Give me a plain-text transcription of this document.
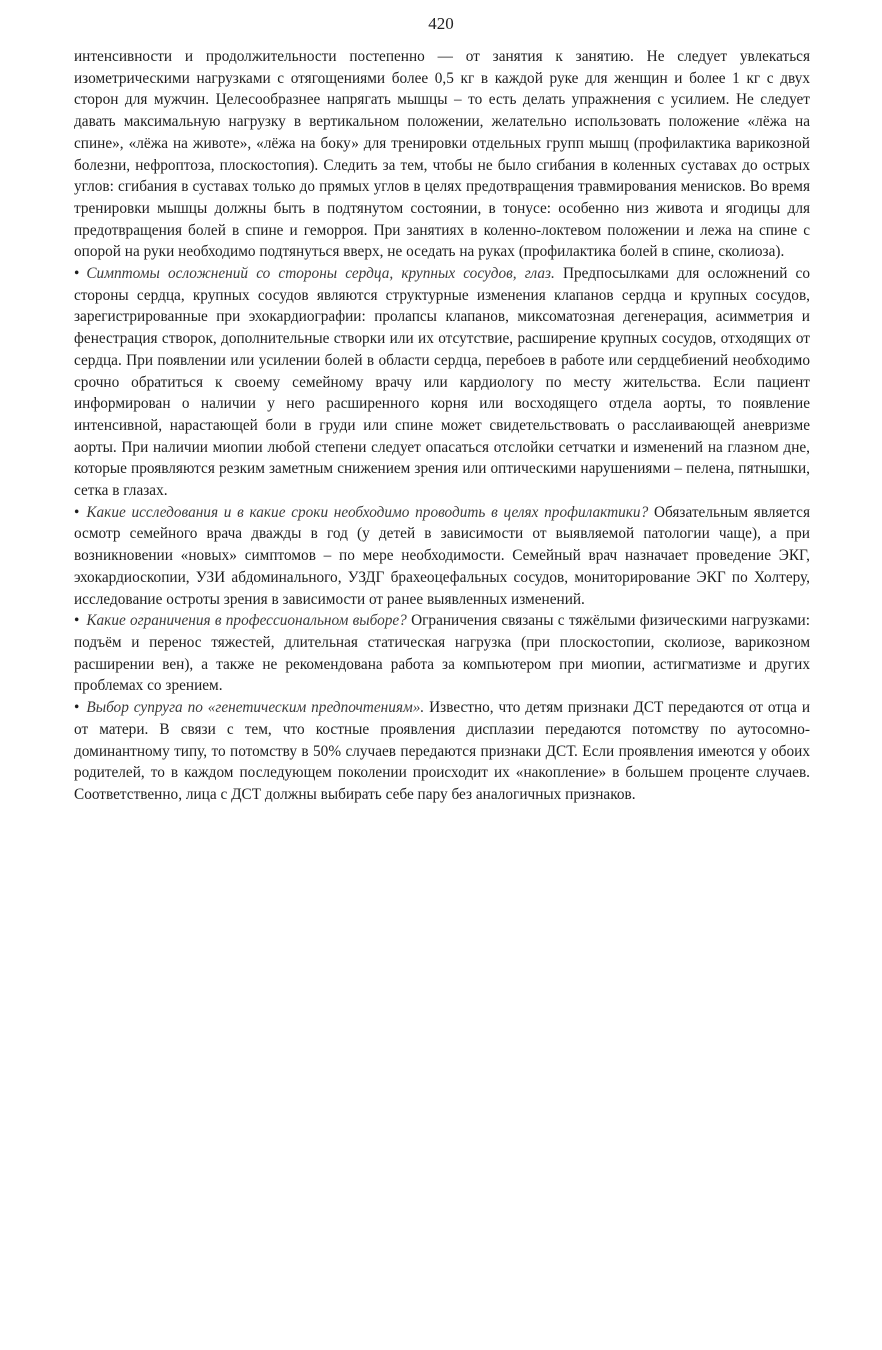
420

интенсивности и продолжительности постепенно — от занятия к занятию. Не следует увлекаться изометрическими нагрузками с отягощениями более 0,5 кг в каждой руке для женщин и более 1 кг с двух сторон для мужчин. Целесообразнее напрягать мышцы – то есть делать упражнения с усилием. Не следует давать максимальную нагрузку в вертикальном положении, желательно использовать положение «лёжа на спине», «лёжа на животе», «лёжа на боку» для тренировки отдельных групп мышц (профилактика варикозной болезни, нефроптоза, плоскостопия). Следить за тем, чтобы не было сгибания в коленных суставах до острых углов: сгибания в суставах только до прямых углов в целях предотвращения травмирования менисков. Во время тренировки мышцы должны быть в подтянутом состоянии, в тонусе: особенно низ живота и ягодицы для предотвращения болей в спине и геморроя. При занятиях в коленно-локтевом положении и лежа на спине с опорой на руки необходимо подтянуться вверх, не оседать на руках (профилактика болей в спине, сколиоза).

• Симптомы осложнений со стороны сердца, крупных сосудов, глаз. Предпосылками для осложнений со стороны сердца, крупных сосудов являются структурные изменения клапанов сердца и крупных сосудов, зарегистрированные при эхокардиографии: пролапсы клапанов, миксоматозная дегенерация, асимметрия и фенестрация створок, дополнительные створки или их отсутствие, расширение крупных сосудов, отходящих от сердца. При появлении или усилении болей в области сердца, перебоев в работе или сердцебиений необходимо срочно обратиться к своему семейному врачу или кардиологу по месту жительства. Если пациент информирован о наличии у него расширенного корня или восходящего отдела аорты, то появление интенсивной, нарастающей боли в груди или спине может свидетельствовать о расслаивающей аневризме аорты. При наличии миопии любой степени следует опасаться отслойки сетчатки и изменений на глазном дне, которые проявляются резким заметным снижением зрения или оптическими нарушениями – пелена, пятнышки, сетка в глазах.

• Какие исследования и в какие сроки необходимо проводить в целях профилактики? Обязательным является осмотр семейного врача дважды в год (у детей в зависимости от выявляемой патологии чаще), а при возникновении «новых» симптомов – по мере необходимости. Семейный врач назначает проведение ЭКГ, эхокардиоскопии, УЗИ абдоминального, УЗДГ брахеоцефальных сосудов, мониторирование ЭКГ по Холтеру, исследование остроты зрения в зависимости от ранее выявленных изменений.

• Какие ограничения в профессиональном выборе? Ограничения связаны с тяжёлыми физическими нагрузками: подъём и перенос тяжестей, длительная статическая нагрузка (при плоскостопии, сколиозе, варикозном расширении вен), а также не рекомендована работа за компьютером при миопии, астигматизме и других проблемах со зрением.

• Выбор супруга по «генетическим предпочтениям». Известно, что детям признаки ДСТ передаются от отца и от матери. В связи с тем, что костные проявления дисплазии передаются потомству по аутосомно-доминантному типу, то потомству в 50% случаев передаются признаки ДСТ. Если проявления имеются у обоих родителей, то в каждом последующем поколении происходит их «накопление» в большем проценте случаев. Соответственно, лица с ДСТ должны выбирать себе пару без аналогичных признаков.
